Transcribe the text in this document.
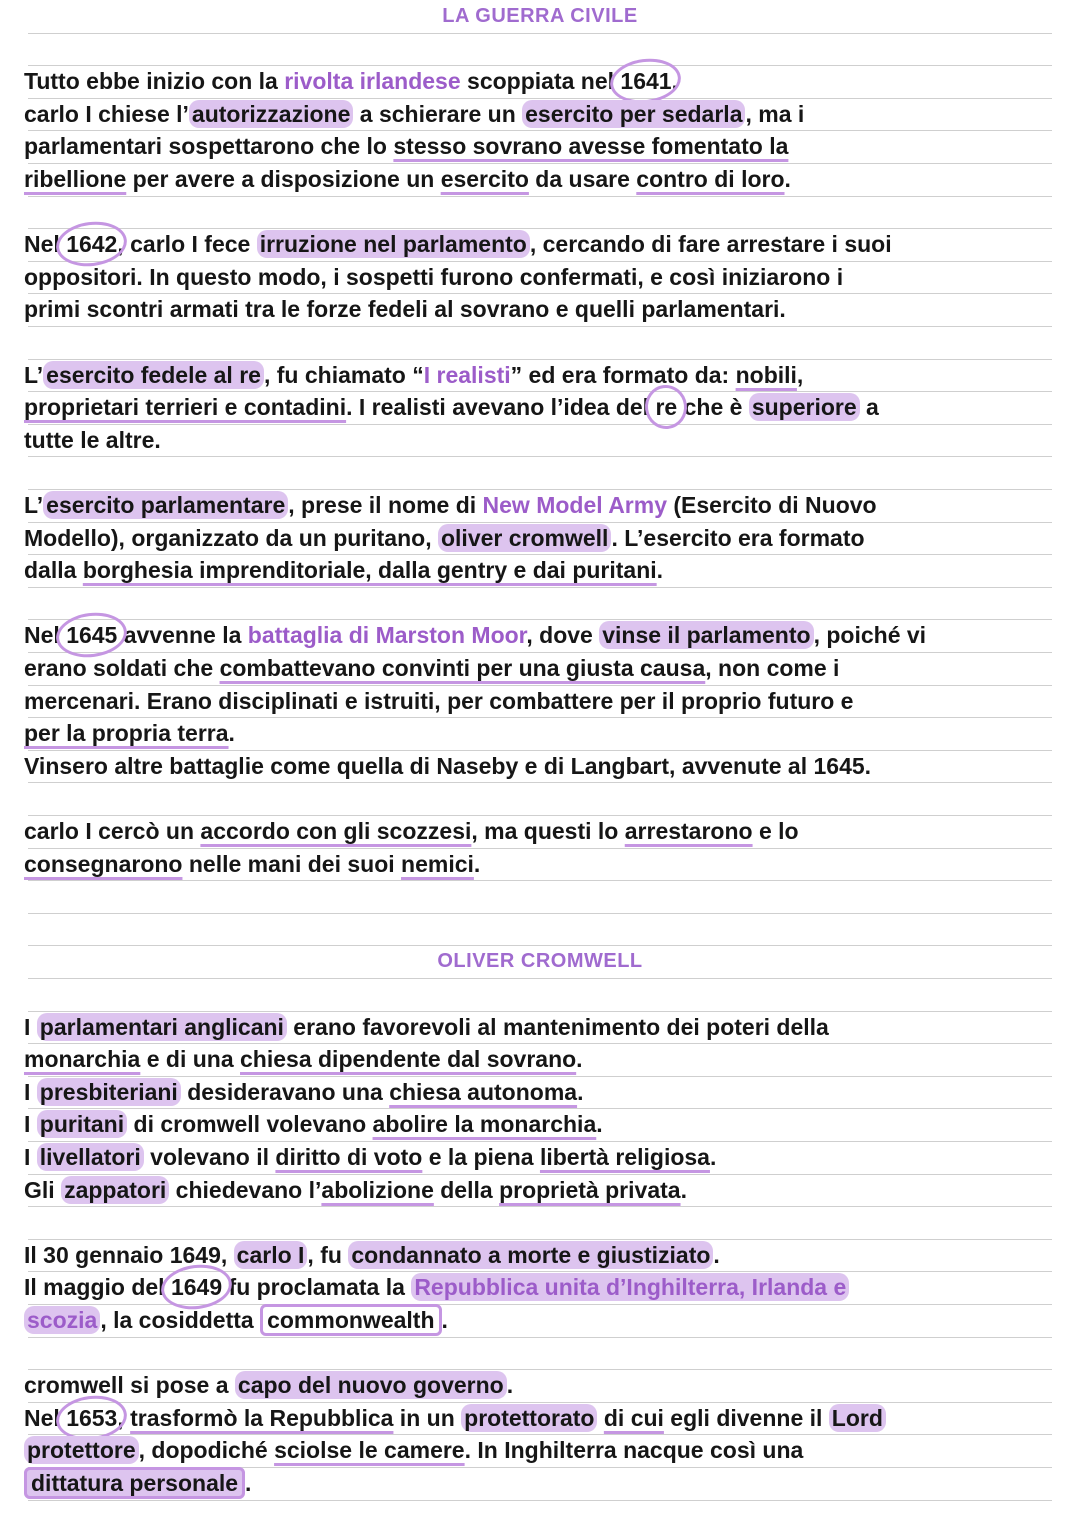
LA GUERRA CIVILE
Tutto ebbe inizio con la rivolta irlandese scoppiata nel 1641.
carlo I chiese l’ autorizzazione a schierare un esercito per sedarla , ma i
parlamentari sospettarono che lo stesso sovrano avesse fomentato la
ribellione per avere a disposizione un esercito da usare contro di loro.
Nel 1642, carlo I fece irruzione nel parlamento , cercando di fare arrestare i suoi
oppositori. In questo modo, i sospetti furono confermati, e così iniziarono i
primi scontri armati tra le forze fedeli al sovrano e quelli parlamentari.
L’ esercito fedele al re , fu chiamato “I realisti” ed era formato da: nobili,
proprietari terrieri e contadini. I realisti avevano l’idea del re che è superiore a
tutte le altre.
L’ esercito parlamentare , prese il nome di New Model Army (Esercito di Nuovo
Modello), organizzato da un puritano, oliver cromwell . L’esercito era formato
dalla borghesia imprenditoriale, dalla gentry e dai puritani.
Nel 1645 avvenne la battaglia di Marston Moor, dove vinse il parlamento , poiché vi
erano soldati che combattevano convinti per una giusta causa, non come i
mercenari. Erano disciplinati e istruiti, per combattere per il proprio futuro e
per la propria terra.
Vinsero altre battaglie come quella di Naseby e di Langbart, avvenute al 1645.
carlo I cercò un accordo con gli scozzesi, ma questi lo arrestarono e lo
consegnarono nelle mani dei suoi nemici.
OLIVER CROMWELL
I parlamentari anglicani erano favorevoli al mantenimento dei poteri della
monarchia e di una chiesa dipendente dal sovrano.
I presbiteriani desideravano una chiesa autonoma.
I puritani di cromwell volevano abolire la monarchia.
I livellatori volevano il diritto di voto e la piena libertà religiosa.
Gli zappatori chiedevano l’abolizione della proprietà privata.
Il 30 gennaio 1649, carlo I , fu condannato a morte e giustiziato .
Il maggio del 1649 fu proclamata la Repubblica unita d’Inghilterra, Irlanda e
scozia , la cosiddetta commonwealth .
cromwell si pose a capo del nuovo governo .
Nel 1653, trasformò la Repubblica in un protettorato di cui egli divenne il Lord
protettore , dopodiché sciolse le camere. In Inghilterra nacque così una
dittatura personale .
